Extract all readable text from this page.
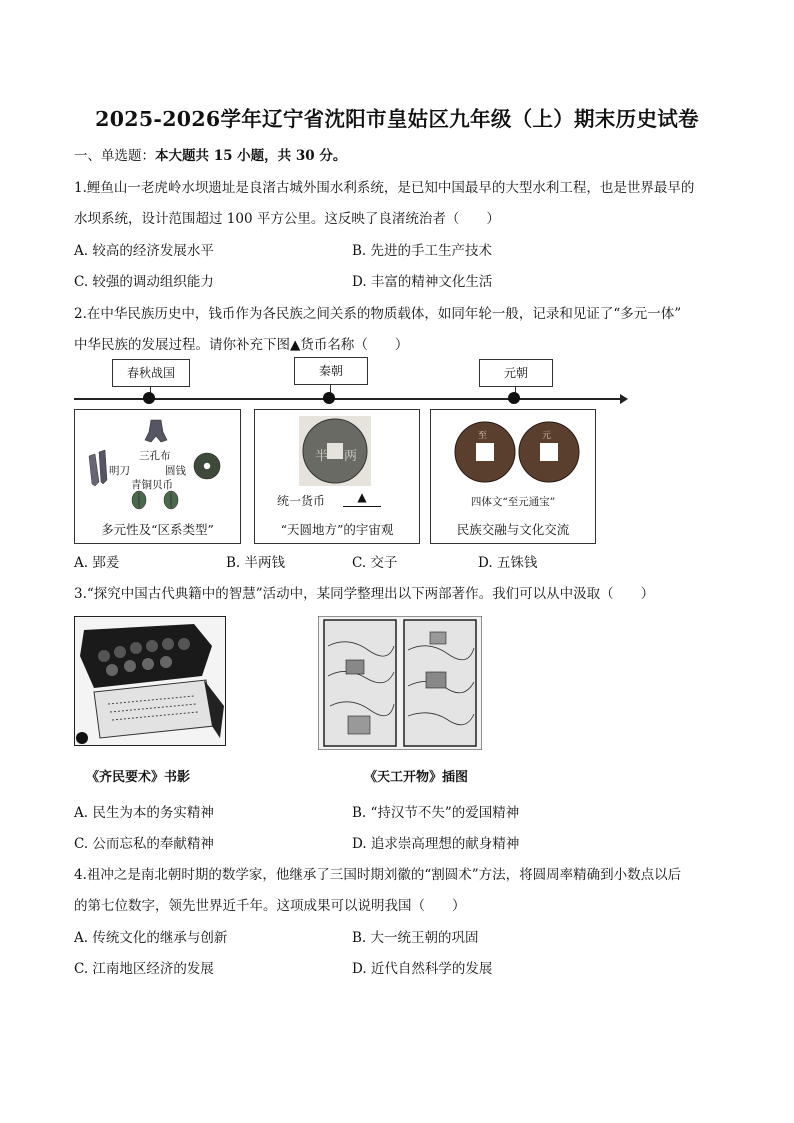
2025-2026学年辽宁省沈阳市皇姑区九年级（上）期末历史试卷
一、单选题：本大题共 15 小题，共 30 分。
1.鲤鱼山一老虎岭水坝遗址是良渚古城外围水利系统，是已知中国最早的大型水利工程，也是世界最早的
水坝系统，设计范围超过 100 平方公里。这反映了良渚统治者（　　）
A. 较高的经济发展水平	B. 先进的手工生产技术
C. 较强的调动组织能力	D. 丰富的精神文化生活
2.在中华民族历史中，钱币作为各民族之间关系的物质载体，如同年轮一般，记录和见证了“多元一体”
中华民族的发展过程。请你补充下图▲货币名称（　　）
春秋战国	秦朝	元朝
三孔布
明刀	圆钱
青铜贝币
多元性及“区系类型”
半 两
统一货币	▲
“天圆地方”的宇宙观
至	元
四体文“至元通宝”
民族交融与文化交流
A. 郢爰	B. 半两钱	C. 交子	D. 五铢钱
3.“探究中国古代典籍中的智慧”活动中，某同学整理出以下两部著作。我们可以从中汲取（　　）
《齐民要术》书影	《天工开物》插图
A. 民生为本的务实精神	B. “持汉节不失”的爱国精神
C. 公而忘私的奉献精神	D. 追求崇高理想的献身精神
4.祖冲之是南北朝时期的数学家，他继承了三国时期刘徽的“割圆术”方法，将圆周率精确到小数点以后
的第七位数字，领先世界近千年。这项成果可以说明我国（　　）
A. 传统文化的继承与创新	B. 大一统王朝的巩固
C. 江南地区经济的发展	D. 近代自然科学的发展
